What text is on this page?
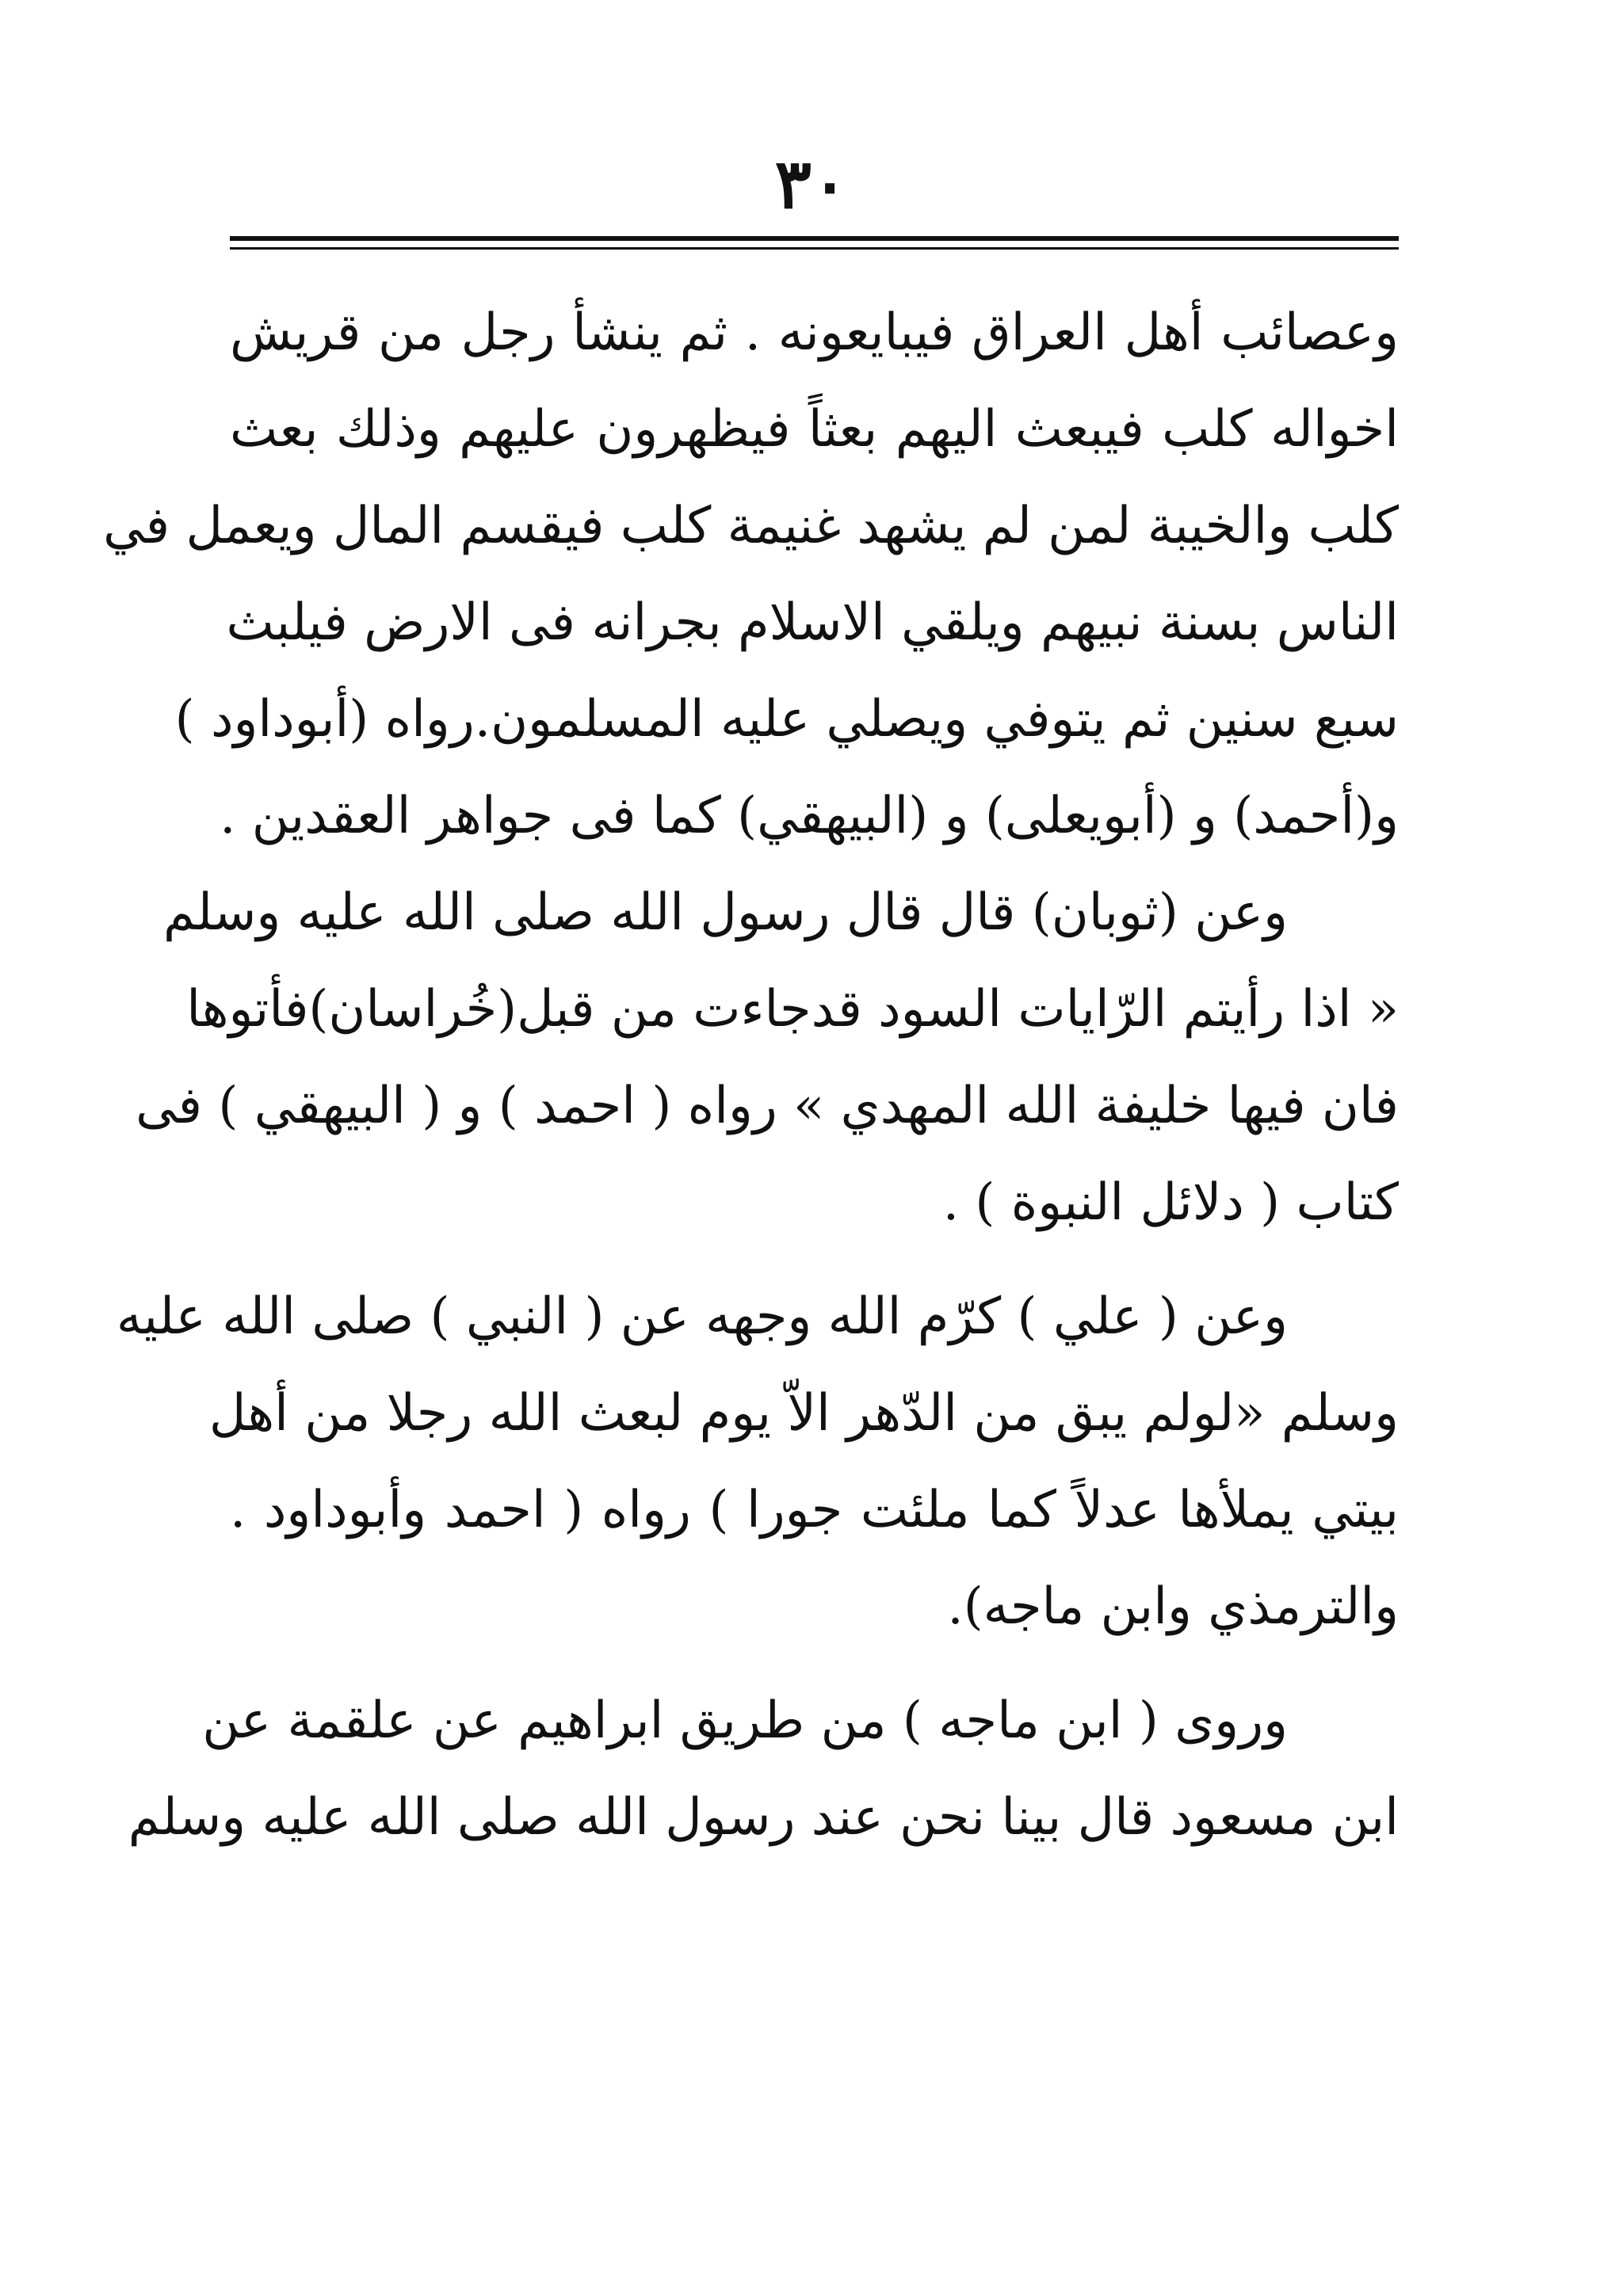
٣٠
وعصائب أهل العراق فيبايعونه . ثم ينشأ رجل من قريش
اخواله كلب فيبعث اليهم بعثاً فيظهرون عليهم وذلك بعث
كلب والخيبة لمن لم يشهد غنيمة كلب فيقسم المال ويعمل في
الناس بسنة نبيهم ويلقي الاسلام بجرانه فى الارض فيلبث
سبع سنين ثم يتوفي ويصلي عليه المسلمون.رواه (أبوداود )
و(أحمد) و (أبويعلى) و (البيهقي) كما فى جواهر العقدين .
وعن (ثوبان) قال قال رسول الله صلى الله عليه وسلم
« اذا رأيتم الرّايات السود قدجاءت من قبل(خُراسان)فأتوها
فان فيها خليفة الله المهدي » رواه ( احمد ) و ( البيهقي ) فى
كتاب ( دلائل النبوة ) .
وعن ( علي ) كرّم الله وجهه عن ( النبي ) صلى الله عليه
وسلم «لولم يبق من الدّهر الاّ يوم لبعث الله رجلا من أهل
بيتي يملأها عدلاً كما ملئت جورا ) رواه ( احمد وأبوداود .
والترمذي وابن ماجه).
وروى ( ابن ماجه ) من طريق ابراهيم عن علقمة عن
ابن مسعود قال بينا نحن عند رسول الله صلى الله عليه وسلم
